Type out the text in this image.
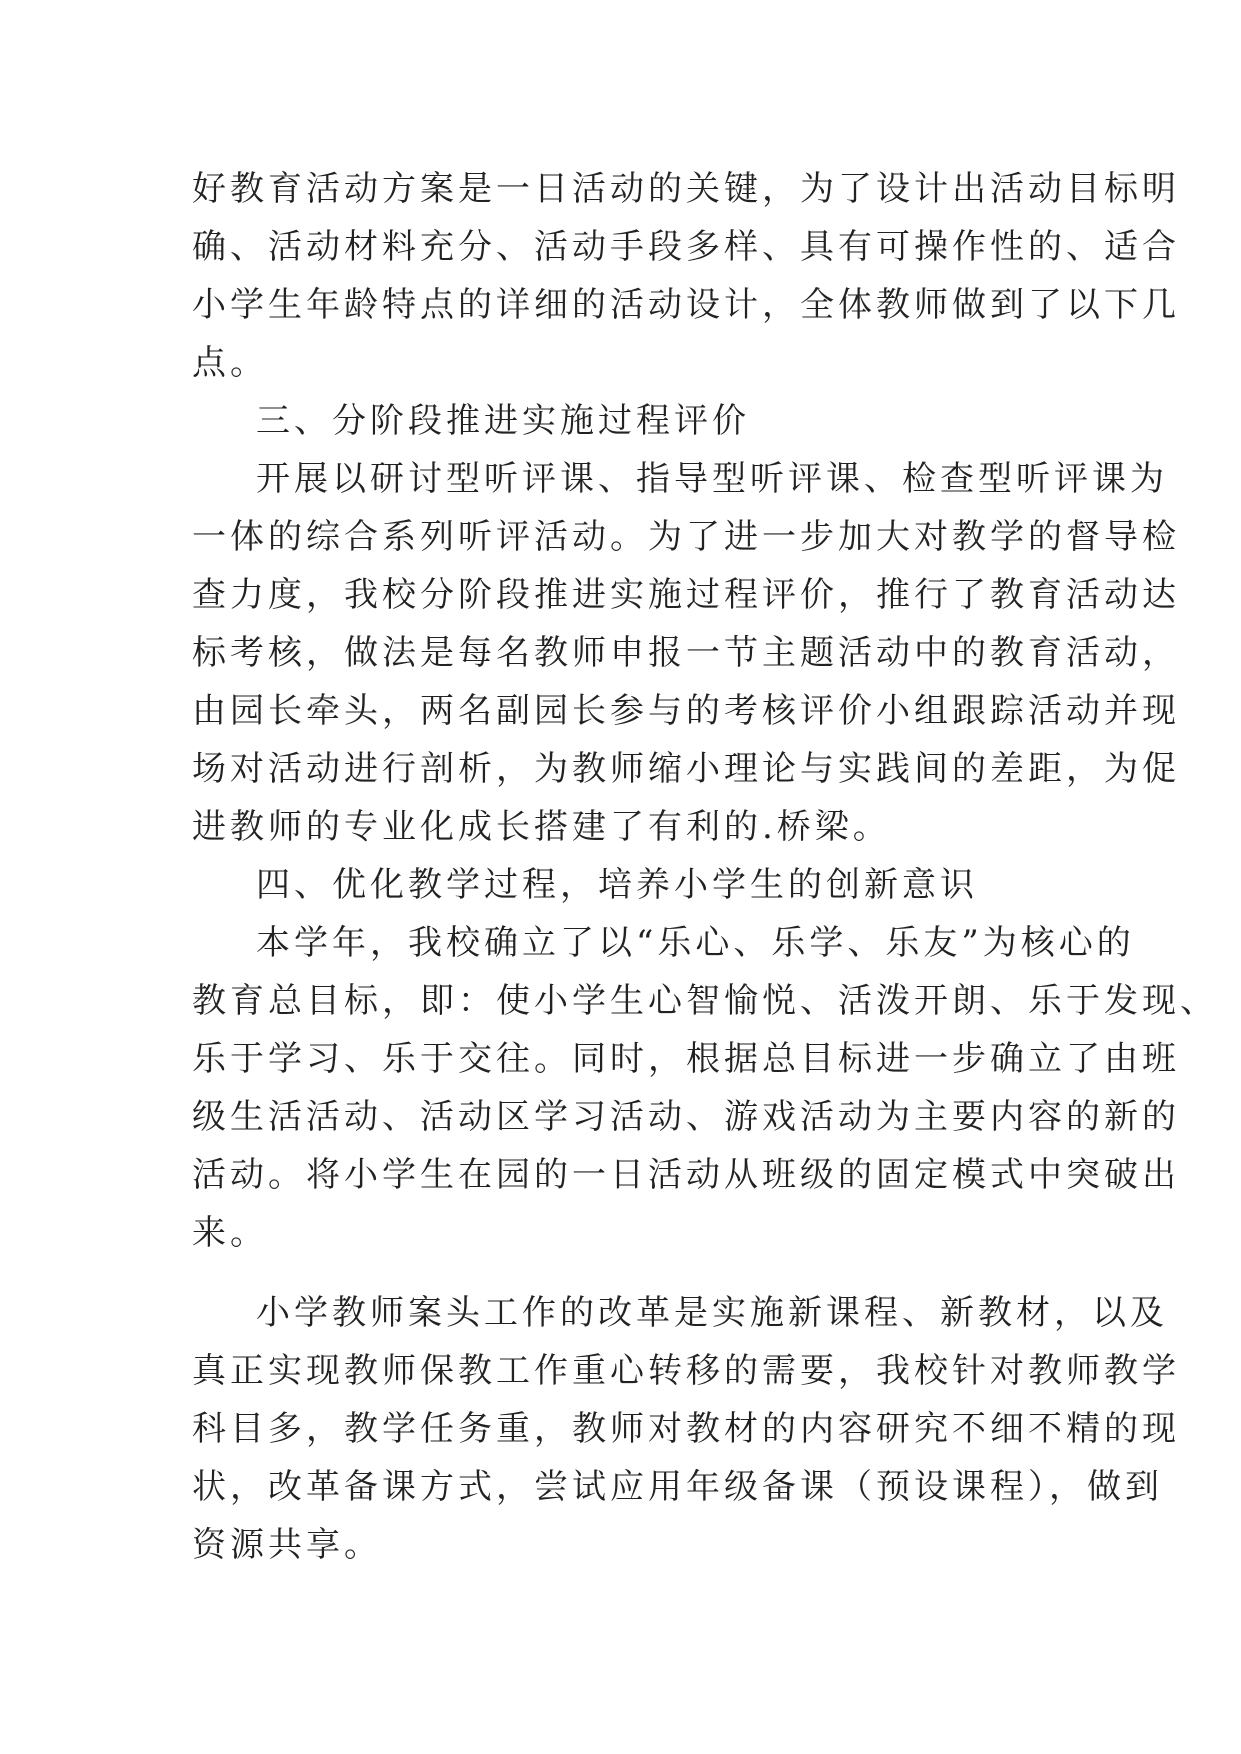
好教育活动方案是一日活动的关键，为了设计出活动目标明
确、活动材料充分、活动手段多样、具有可操作性的、适合
小学生年龄特点的详细的活动设计，全体教师做到了以下几
点。
三、分阶段推进实施过程评价
开展以研讨型听评课、指导型听评课、检查型听评课为
一体的综合系列听评活动。为了进一步加大对教学的督导检
查力度，我校分阶段推进实施过程评价，推行了教育活动达
标考核，做法是每名教师申报一节主题活动中的教育活动，
由园长牵头，两名副园长参与的考核评价小组跟踪活动并现
场对活动进行剖析，为教师缩小理论与实践间的差距，为促
进教师的专业化成长搭建了有利的.桥梁。
四、优化教学过程，培养小学生的创新意识
本学年，我校确立了以“乐心、乐学、乐友”为核心的
教育总目标，即：使小学生心智愉悦、活泼开朗、乐于发现、
乐于学习、乐于交往。同时，根据总目标进一步确立了由班
级生活活动、活动区学习活动、游戏活动为主要内容的新的
活动。将小学生在园的一日活动从班级的固定模式中突破出
来。
小学教师案头工作的改革是实施新课程、新教材，以及
真正实现教师保教工作重心转移的需要，我校针对教师教学
科目多，教学任务重，教师对教材的内容研究不细不精的现
状，改革备课方式，尝试应用年级备课（预设课程），做到
资源共享。
